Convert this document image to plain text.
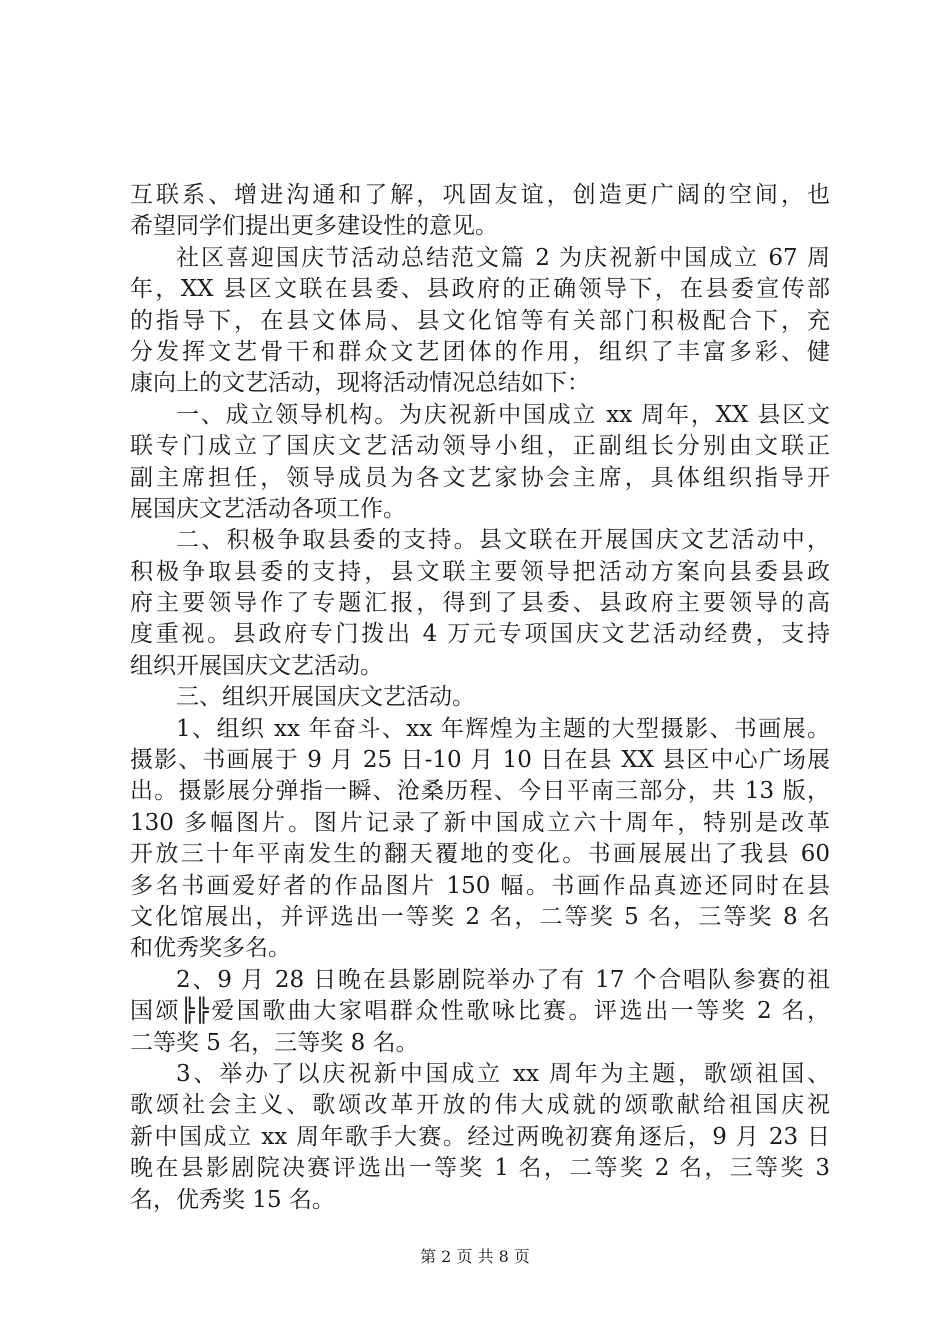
互联系、增进沟通和了解，巩固友谊，创造更广阔的空间，也
希望同学们提出更多建设性的意见。
社区喜迎国庆节活动总结范文篇 2 为庆祝新中国成立 67 周
年，XX 县区文联在县委、县政府的正确领导下，在县委宣传部
的指导下，在县文体局、县文化馆等有关部门积极配合下，充
分发挥文艺骨干和群众文艺团体的作用，组织了丰富多彩、健
康向上的文艺活动，现将活动情况总结如下：
一、成立领导机构。为庆祝新中国成立 xx 周年，XX 县区文
联专门成立了国庆文艺活动领导小组，正副组长分别由文联正
副主席担任，领导成员为各文艺家协会主席，具体组织指导开
展国庆文艺活动各项工作。
二、积极争取县委的支持。县文联在开展国庆文艺活动中，
积极争取县委的支持，县文联主要领导把活动方案向县委县政
府主要领导作了专题汇报，得到了县委、县政府主要领导的高
度重视。县政府专门拨出 4 万元专项国庆文艺活动经费，支持
组织开展国庆文艺活动。
三、组织开展国庆文艺活动。
1、组织 xx 年奋斗、xx 年辉煌为主题的大型摄影、书画展。
摄影、书画展于 9 月 25 日-10 月 10 日在县 XX 县区中心广场展
出。摄影展分弹指一瞬、沧桑历程、今日平南三部分，共 13 版，
130 多幅图片。图片记录了新中国成立六十周年，特别是改革
开放三十年平南发生的翻天覆地的变化。书画展展出了我县 60
多名书画爱好者的作品图片 150 幅。书画作品真迹还同时在县
文化馆展出，并评选出一等奖 2 名，二等奖 5 名，三等奖 8 名
和优秀奖多名。
2、9 月 28 日晚在县影剧院举办了有 17 个合唱队参赛的祖
国颂╠╠爱国歌曲大家唱群众性歌咏比赛。评选出一等奖 2 名，
二等奖 5 名，三等奖 8 名。
3、举办了以庆祝新中国成立 xx 周年为主题，歌颂祖国、
歌颂社会主义、歌颂改革开放的伟大成就的颂歌献给祖国庆祝
新中国成立 xx 周年歌手大赛。经过两晚初赛角逐后，9 月 23 日
晚在县影剧院决赛评选出一等奖 1 名，二等奖 2 名，三等奖 3
名，优秀奖 15 名。
第 2 页 共 8 页
